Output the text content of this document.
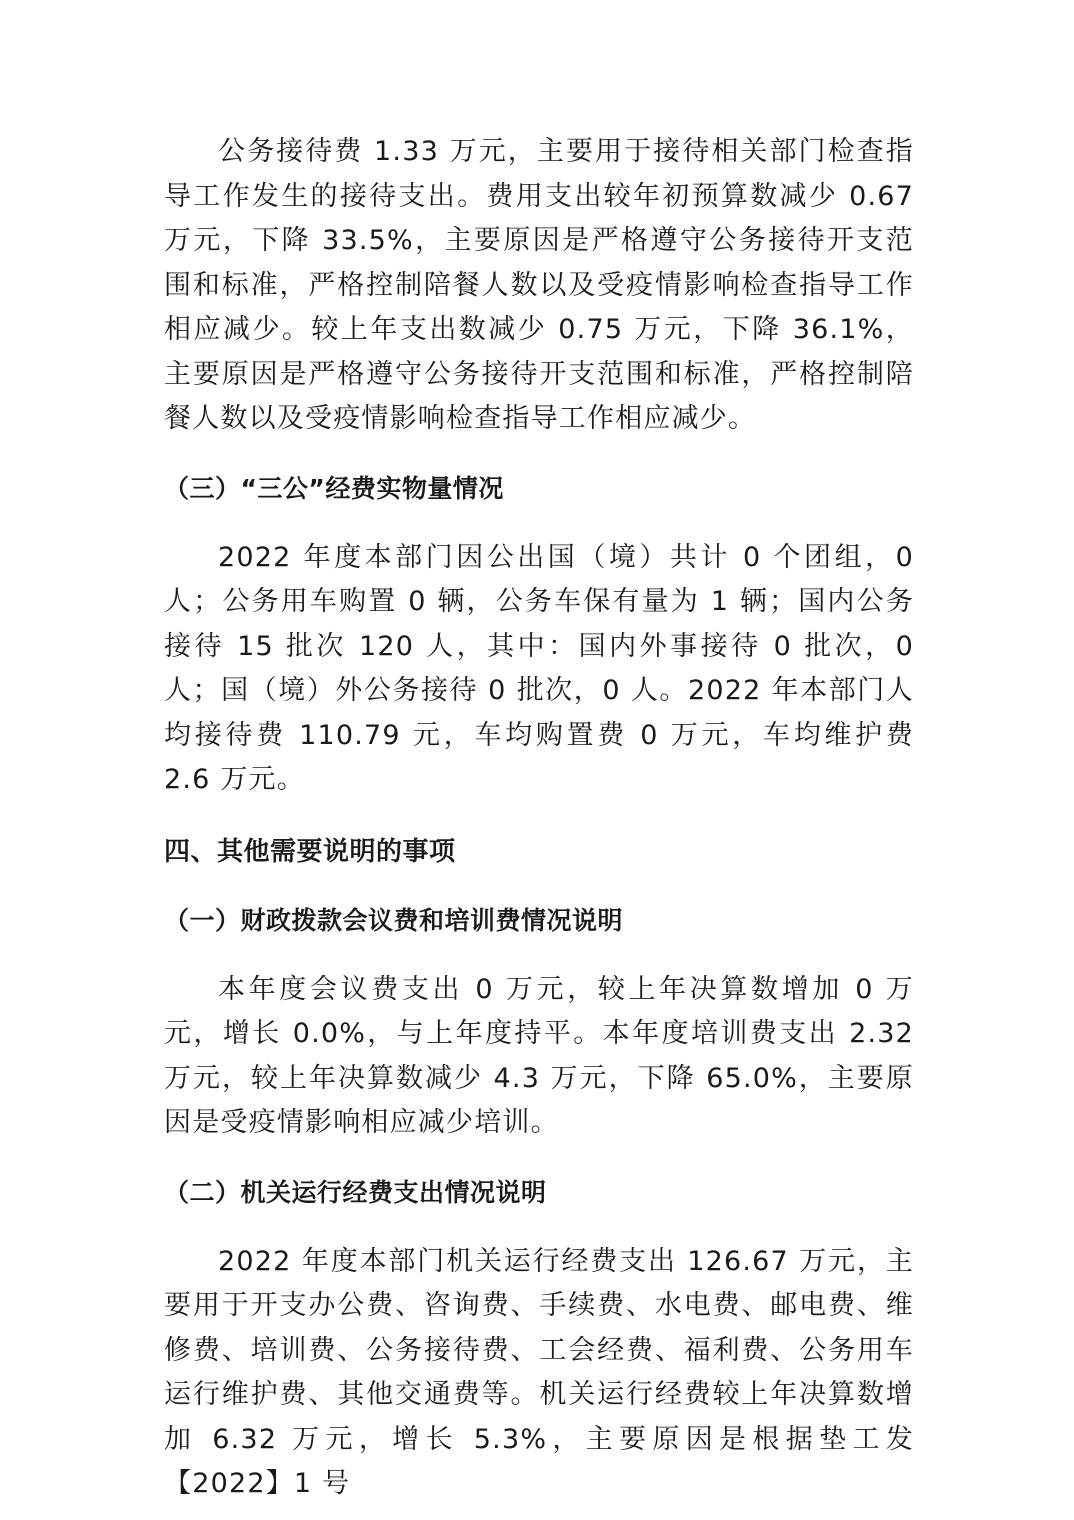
公务接待费 1.33 万元，主要用于接待相关部门检查指导工作发生的接待支出。费用支出较年初预算数减少 0.67 万元，下降 33.5%，主要原因是严格遵守公务接待开支范围和标准，严格控制陪餐人数以及受疫情影响检查指导工作相应减少。较上年支出数减少 0.75 万元，下降 36.1%，主要原因是严格遵守公务接待开支范围和标准，严格控制陪餐人数以及受疫情影响检查指导工作相应减少。

（三）“三公”经费实物量情况

2022 年度本部门因公出国（境）共计 0 个团组，0 人；公务用车购置 0 辆，公务车保有量为 1 辆；国内公务接待 15 批次 120 人，其中：国内外事接待 0 批次，0 人；国（境）外公务接待 0 批次，0 人。2022 年本部门人均接待费 110.79 元，车均购置费 0 万元，车均维护费 2.6 万元。

四、其他需要说明的事项

（一）财政拨款会议费和培训费情况说明

本年度会议费支出 0 万元，较上年决算数增加 0 万元，增长 0.0%，与上年度持平。本年度培训费支出 2.32 万元，较上年决算数减少 4.3 万元，下降 65.0%，主要原因是受疫情影响相应减少培训。

（二）机关运行经费支出情况说明

2022 年度本部门机关运行经费支出 126.67 万元，主要用于开支办公费、咨询费、手续费、水电费、邮电费、维修费、培训费、公务接待费、工会经费、福利费、公务用车运行维护费、其他交通费等。机关运行经费较上年决算数增加 6.32 万元，增长 5.3%，主要原因是根据垫工发【2022】1 号
